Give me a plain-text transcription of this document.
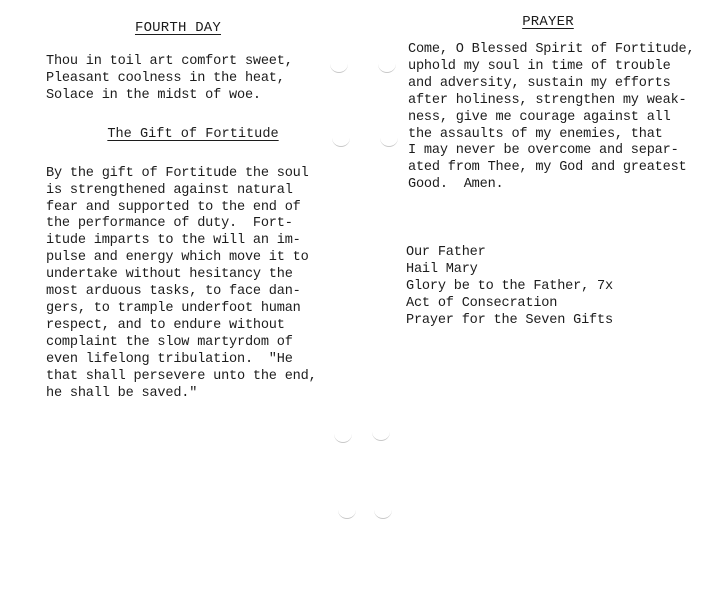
FOURTH DAY
Thou in toil art comfort sweet,
Pleasant coolness in the heat,
Solace in the midst of woe.
The Gift of Fortitude
By the gift of Fortitude the soul
is strengthened against natural
fear and supported to the end of
the performance of duty.  Fort-
itude imparts to the will an im-
pulse and energy which move it to
undertake without hesitancy the
most arduous tasks, to face dan-
gers, to trample underfoot human
respect, and to endure without
complaint the slow martyrdom of
even lifelong tribulation.  "He
that shall persevere unto the end,
he shall be saved."
PRAYER
Come, O Blessed Spirit of Fortitude,
uphold my soul in time of trouble
and adversity, sustain my efforts
after holiness, strengthen my weak-
ness, give me courage against all
the assaults of my enemies, that
I may never be overcome and separ-
ated from Thee, my God and greatest
Good.  Amen.
Our Father
Hail Mary
Glory be to the Father, 7x
Act of Consecration
Prayer for the Seven Gifts
